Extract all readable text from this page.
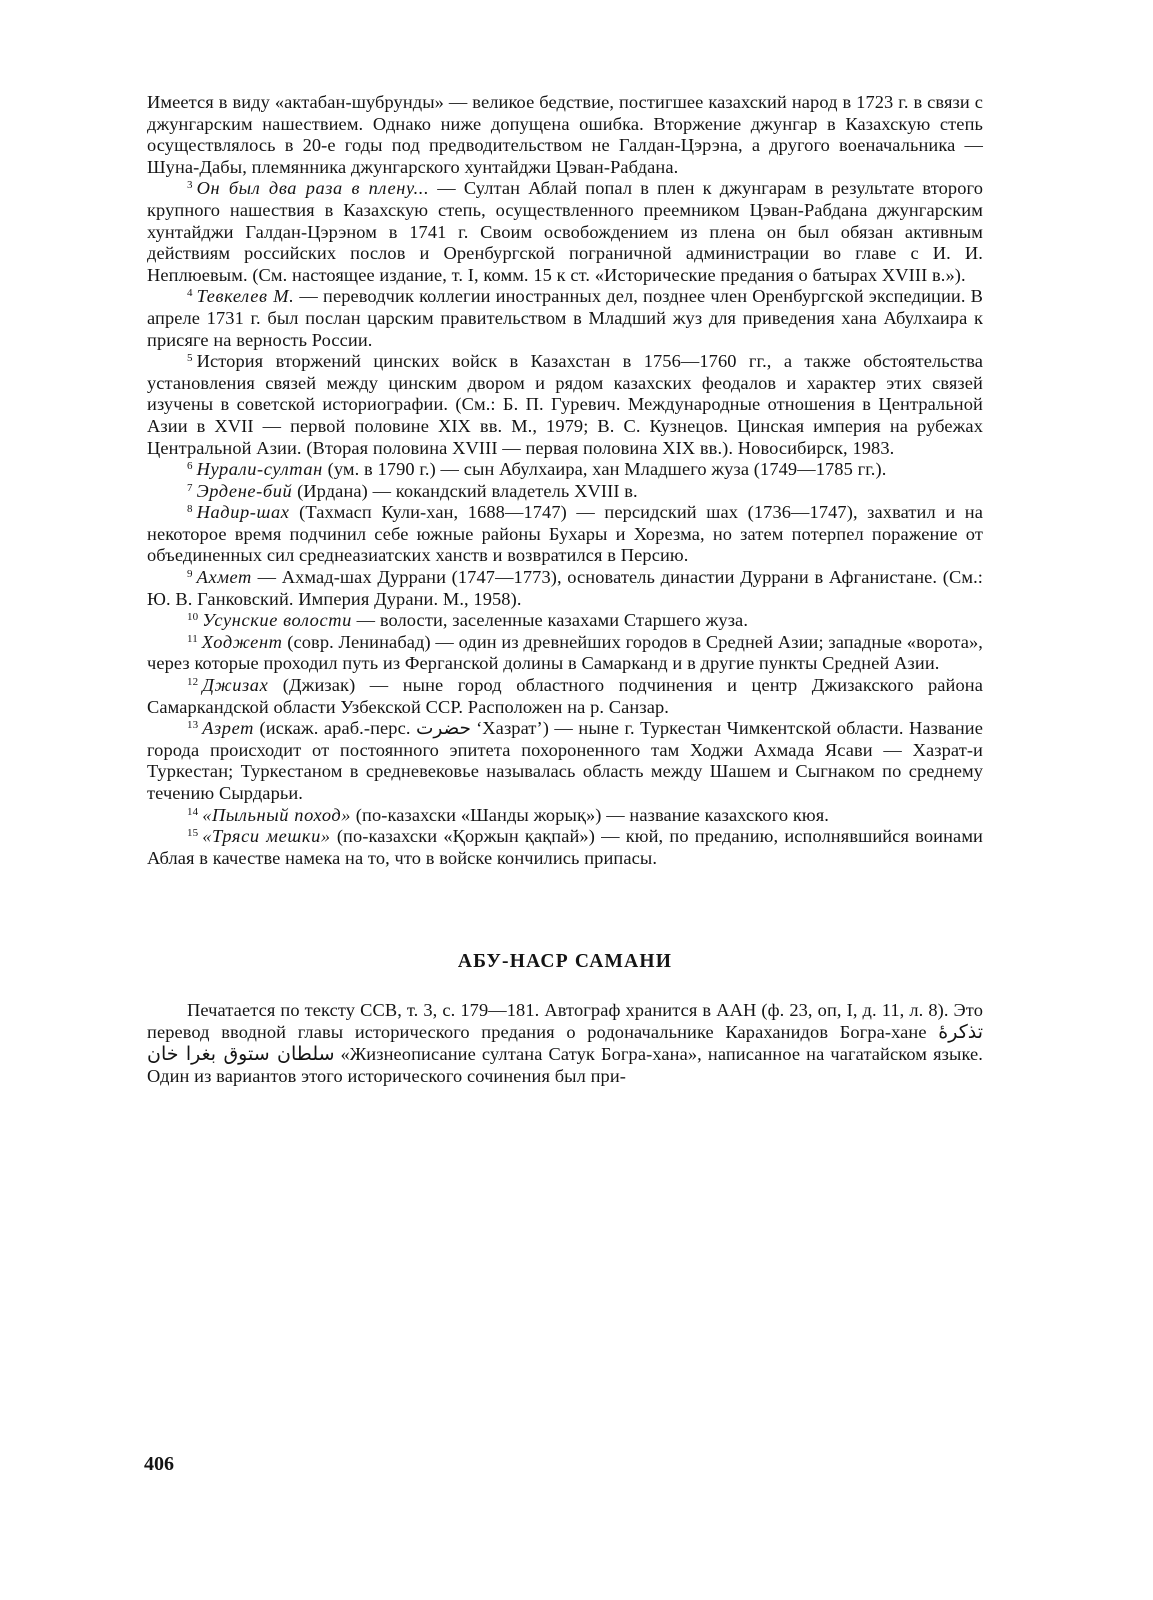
Имеется в виду «актабан-шубрунды» — великое бедствие, постигшее казахский народ в 1723 г. в связи с джунгарским нашествием. Однако ниже допущена ошибка. Вторжение джунгар в Казахскую степь осуществлялось в 20-е годы под предводительством не Галдан-Цэрэна, а другого военачальника — Шуна-Дабы, племянника джунгарского хунтайджи Цэван-Рабдана.

$^3$ Он был два раза в плену... — Султан Аблай попал в плен к джунгарам в результате второго крупного нашествия в Казахскую степь, осуществленного преемником Цэван-Рабдана джунгарским хунтайджи Галдан-Цэрэном в 1741 г. Своим освобождением из плена он был обязан активным действиям российских послов и Оренбургской пограничной администрации во главе с И. И. Неплюевым. (См. настоящее издание, т. I, комм. 15 к ст. «Исторические предания о батырах XVIII в.»).

$^4$ Тевкелев М. — переводчик коллегии иностранных дел, позднее член Оренбургской экспедиции. В апреле 1731 г. был послан царским правительством в Младший жуз для приведения хана Абулхаира к присяге на верность России.

$^5$ История вторжений цинских войск в Казахстан в 1756—1760 гг., а также обстоятельства установления связей между цинским двором и рядом казахских феодалов и характер этих связей изучены в советской историографии. (См.: Б. П. Гуревич. Международные отношения в Центральной Азии в XVII — первой половине XIX вв. М., 1979; В. С. Кузнецов. Цинская империя на рубежах Центральной Азии. (Вторая половина XVIII — первая половина XIX вв.). Новосибирск, 1983.

$^6$ Нурали-султан (ум. в 1790 г.) — сын Абулхаира, хан Младшего жуза (1749—1785 гг.).

$^7$ Эрдене-бий (Ирдана) — кокандский владетель XVIII в.

$^8$ Надир-шах (Тахмасп Кули-хан, 1688—1747) — персидский шах (1736—1747), захватил и на некоторое время подчинил себе южные районы Бухары и Хорезма, но затем потерпел поражение от объединенных сил среднеазиатских ханств и возвратился в Персию.

$^9$ Ахмет — Ахмад-шах Дуррани (1747—1773), основатель династии Дуррани в Афганистане. (См.: Ю. В. Ганковский. Империя Дурани. М., 1958).

$^{10}$ Усунские волости — волости, заселенные казахами Старшего жуза.

$^{11}$ Ходжент (совр. Ленинабад) — один из древнейших городов в Средней Азии; западные «ворота», через которые проходил путь из Ферганской долины в Самарканд и в другие пункты Средней Азии.

$^{12}$ Джизах (Джизак) — ныне город областного подчинения и центр Джизакского района Самаркандской области Узбекской ССР. Расположен на р. Санзар.

$^{13}$ Азрет (искаж. араб.-перс. حضرت ‘Хазрат’) — ныне г. Туркестан Чимкентской области. Название города происходит от постоянного эпитета похороненного там Ходжи Ахмада Ясави — Хазрат-и Туркестан; Туркестаном в средневековье называлась область между Шашем и Сыгнаком по среднему течению Сырдарьи.

$^{14}$ «Пыльный поход» (по-казахски «Шанды жорық») — название казахского кюя.

$^{15}$ «Тряси мешки» (по-казахски «Қоржын қақпай») — кюй, по преданию, исполнявшийся воинами Аблая в качестве намека на то, что в войске кончились припасы.

АБУ-НАСР САМАНИ

Печатается по тексту ССВ, т. 3, с. 179—181. Автограф хранится в ААН (ф. 23, оп, I, д. 11, л. 8). Это перевод вводной главы исторического предания о родоначальнике Караханидов Богра-хане تذكرهٔ سلطان ستوق بغرا خان «Жизнеописание султана Сатук Богра-хана», написанное на чагатайском языке. Один из вариантов этого исторического сочинения был при-

406
